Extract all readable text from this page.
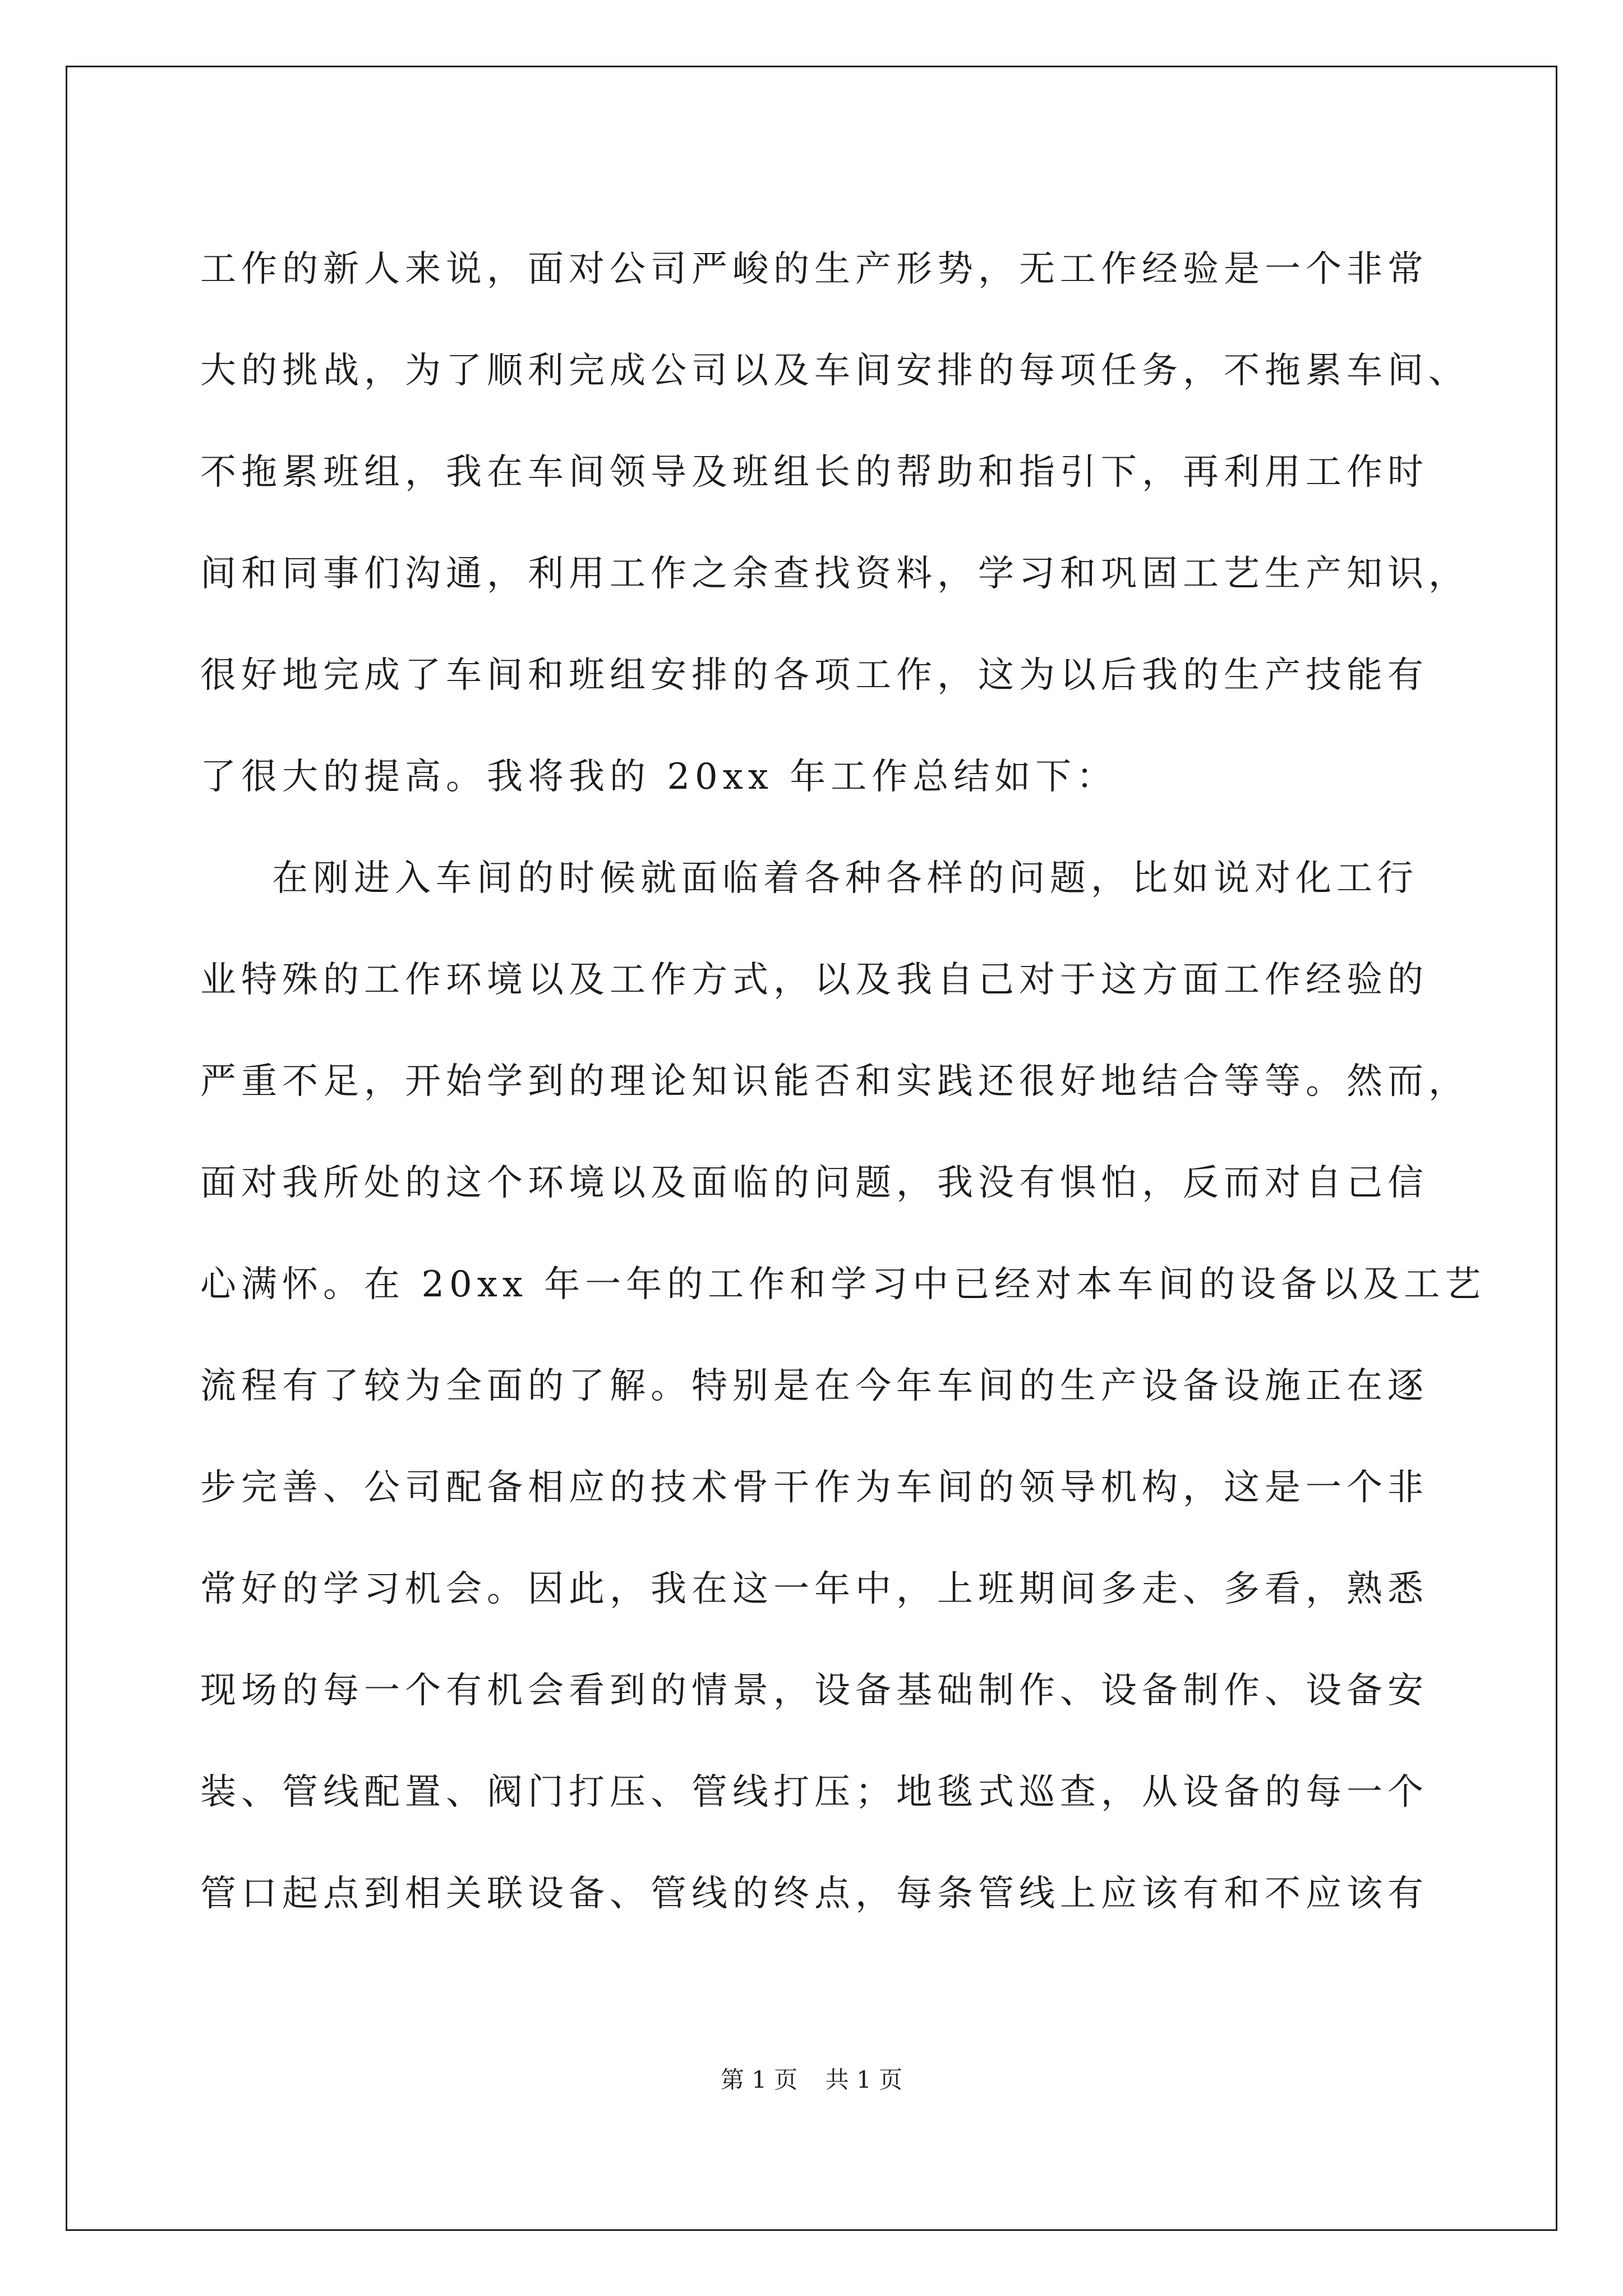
工作的新人来说，面对公司严峻的生产形势，无工作经验是一个非常
大的挑战，为了顺利完成公司以及车间安排的每项任务，不拖累车间、
不拖累班组，我在车间领导及班组长的帮助和指引下，再利用工作时
间和同事们沟通，利用工作之余查找资料，学习和巩固工艺生产知识，
很好地完成了车间和班组安排的各项工作，这为以后我的生产技能有
了很大的提高。我将我的 20xx 年工作总结如下：
在刚进入车间的时候就面临着各种各样的问题，比如说对化工行
业特殊的工作环境以及工作方式，以及我自己对于这方面工作经验的
严重不足，开始学到的理论知识能否和实践还很好地结合等等。然而，
面对我所处的这个环境以及面临的问题，我没有惧怕，反而对自己信
心满怀。在 20xx 年一年的工作和学习中已经对本车间的设备以及工艺
流程有了较为全面的了解。特别是在今年车间的生产设备设施正在逐
步完善、公司配备相应的技术骨干作为车间的领导机构，这是一个非
常好的学习机会。因此，我在这一年中，上班期间多走、多看，熟悉
现场的每一个有机会看到的情景，设备基础制作、设备制作、设备安
装、管线配置、阀门打压、管线打压；地毯式巡查，从设备的每一个
管口起点到相关联设备、管线的终点，每条管线上应该有和不应该有
第 1 页 共 1 页
